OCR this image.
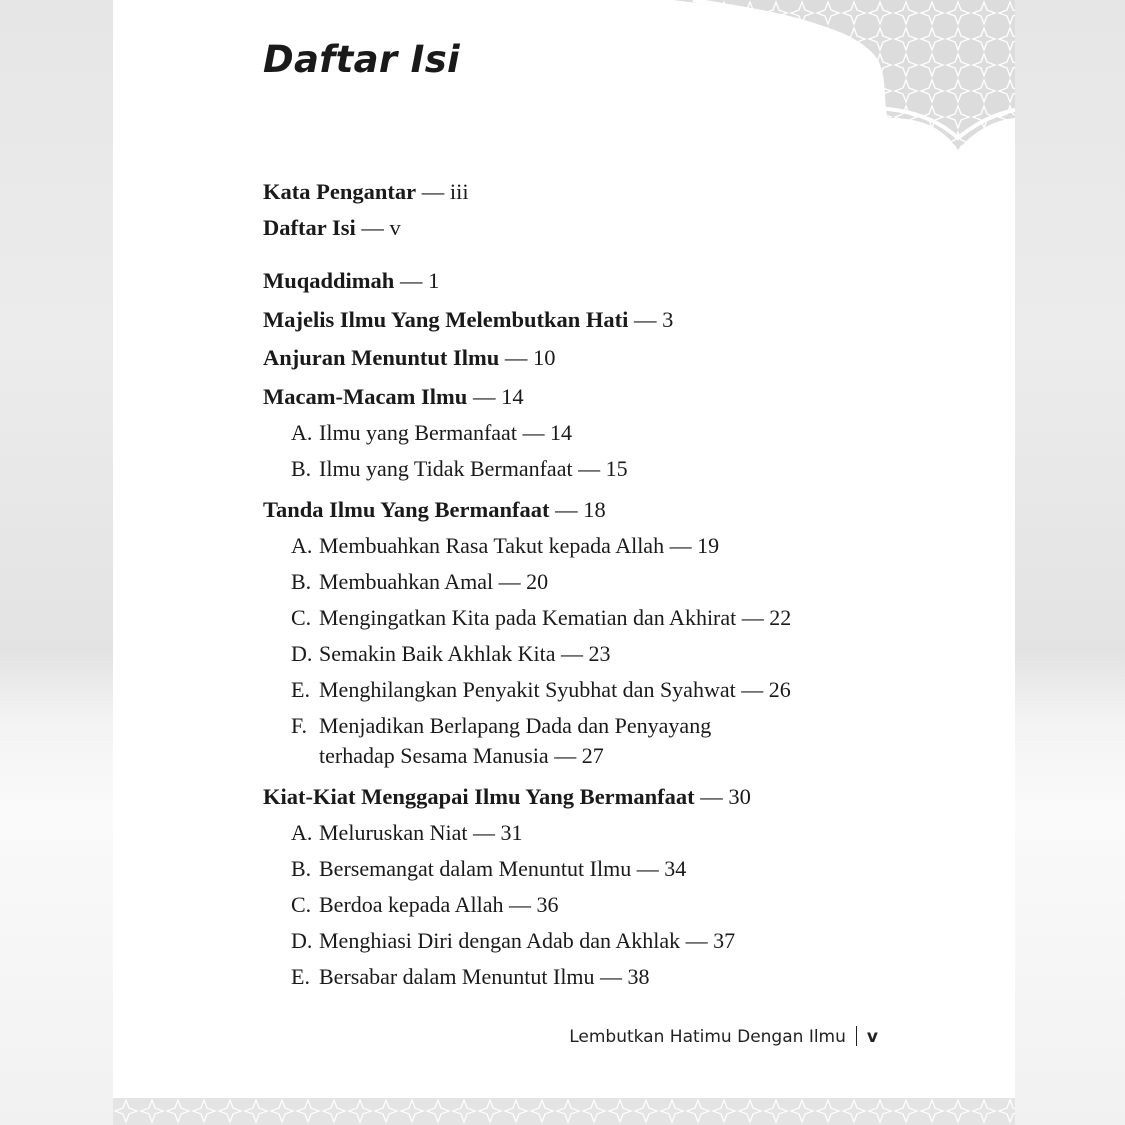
Daftar Isi

Kata Pengantar — iii

Daftar Isi — v

Muqaddimah — 1

Majelis Ilmu Yang Melembutkan Hati — 3

Anjuran Menuntut Ilmu — 10

Macam-Macam Ilmu — 14

A. Ilmu yang Bermanfaat — 14

B. Ilmu yang Tidak Bermanfaat — 15

Tanda Ilmu Yang Bermanfaat — 18

A. Membuahkan Rasa Takut kepada Allah — 19

B. Membuahkan Amal — 20

C. Mengingatkan Kita pada Kematian dan Akhirat — 22

D. Semakin Baik Akhlak Kita — 23

E. Menghilangkan Penyakit Syubhat dan Syahwat — 26

F. Menjadikan Berlapang Dada dan Penyayang
terhadap Sesama Manusia — 27

Kiat-Kiat Menggapai Ilmu Yang Bermanfaat — 30

A. Meluruskan Niat — 31

B. Bersemangat dalam Menuntut Ilmu — 34

C. Berdoa kepada Allah — 36

D. Menghiasi Diri dengan Adab dan Akhlak — 37

E. Bersabar dalam Menuntut Ilmu — 38

Lembutkan Hatimu Dengan Ilmu v
